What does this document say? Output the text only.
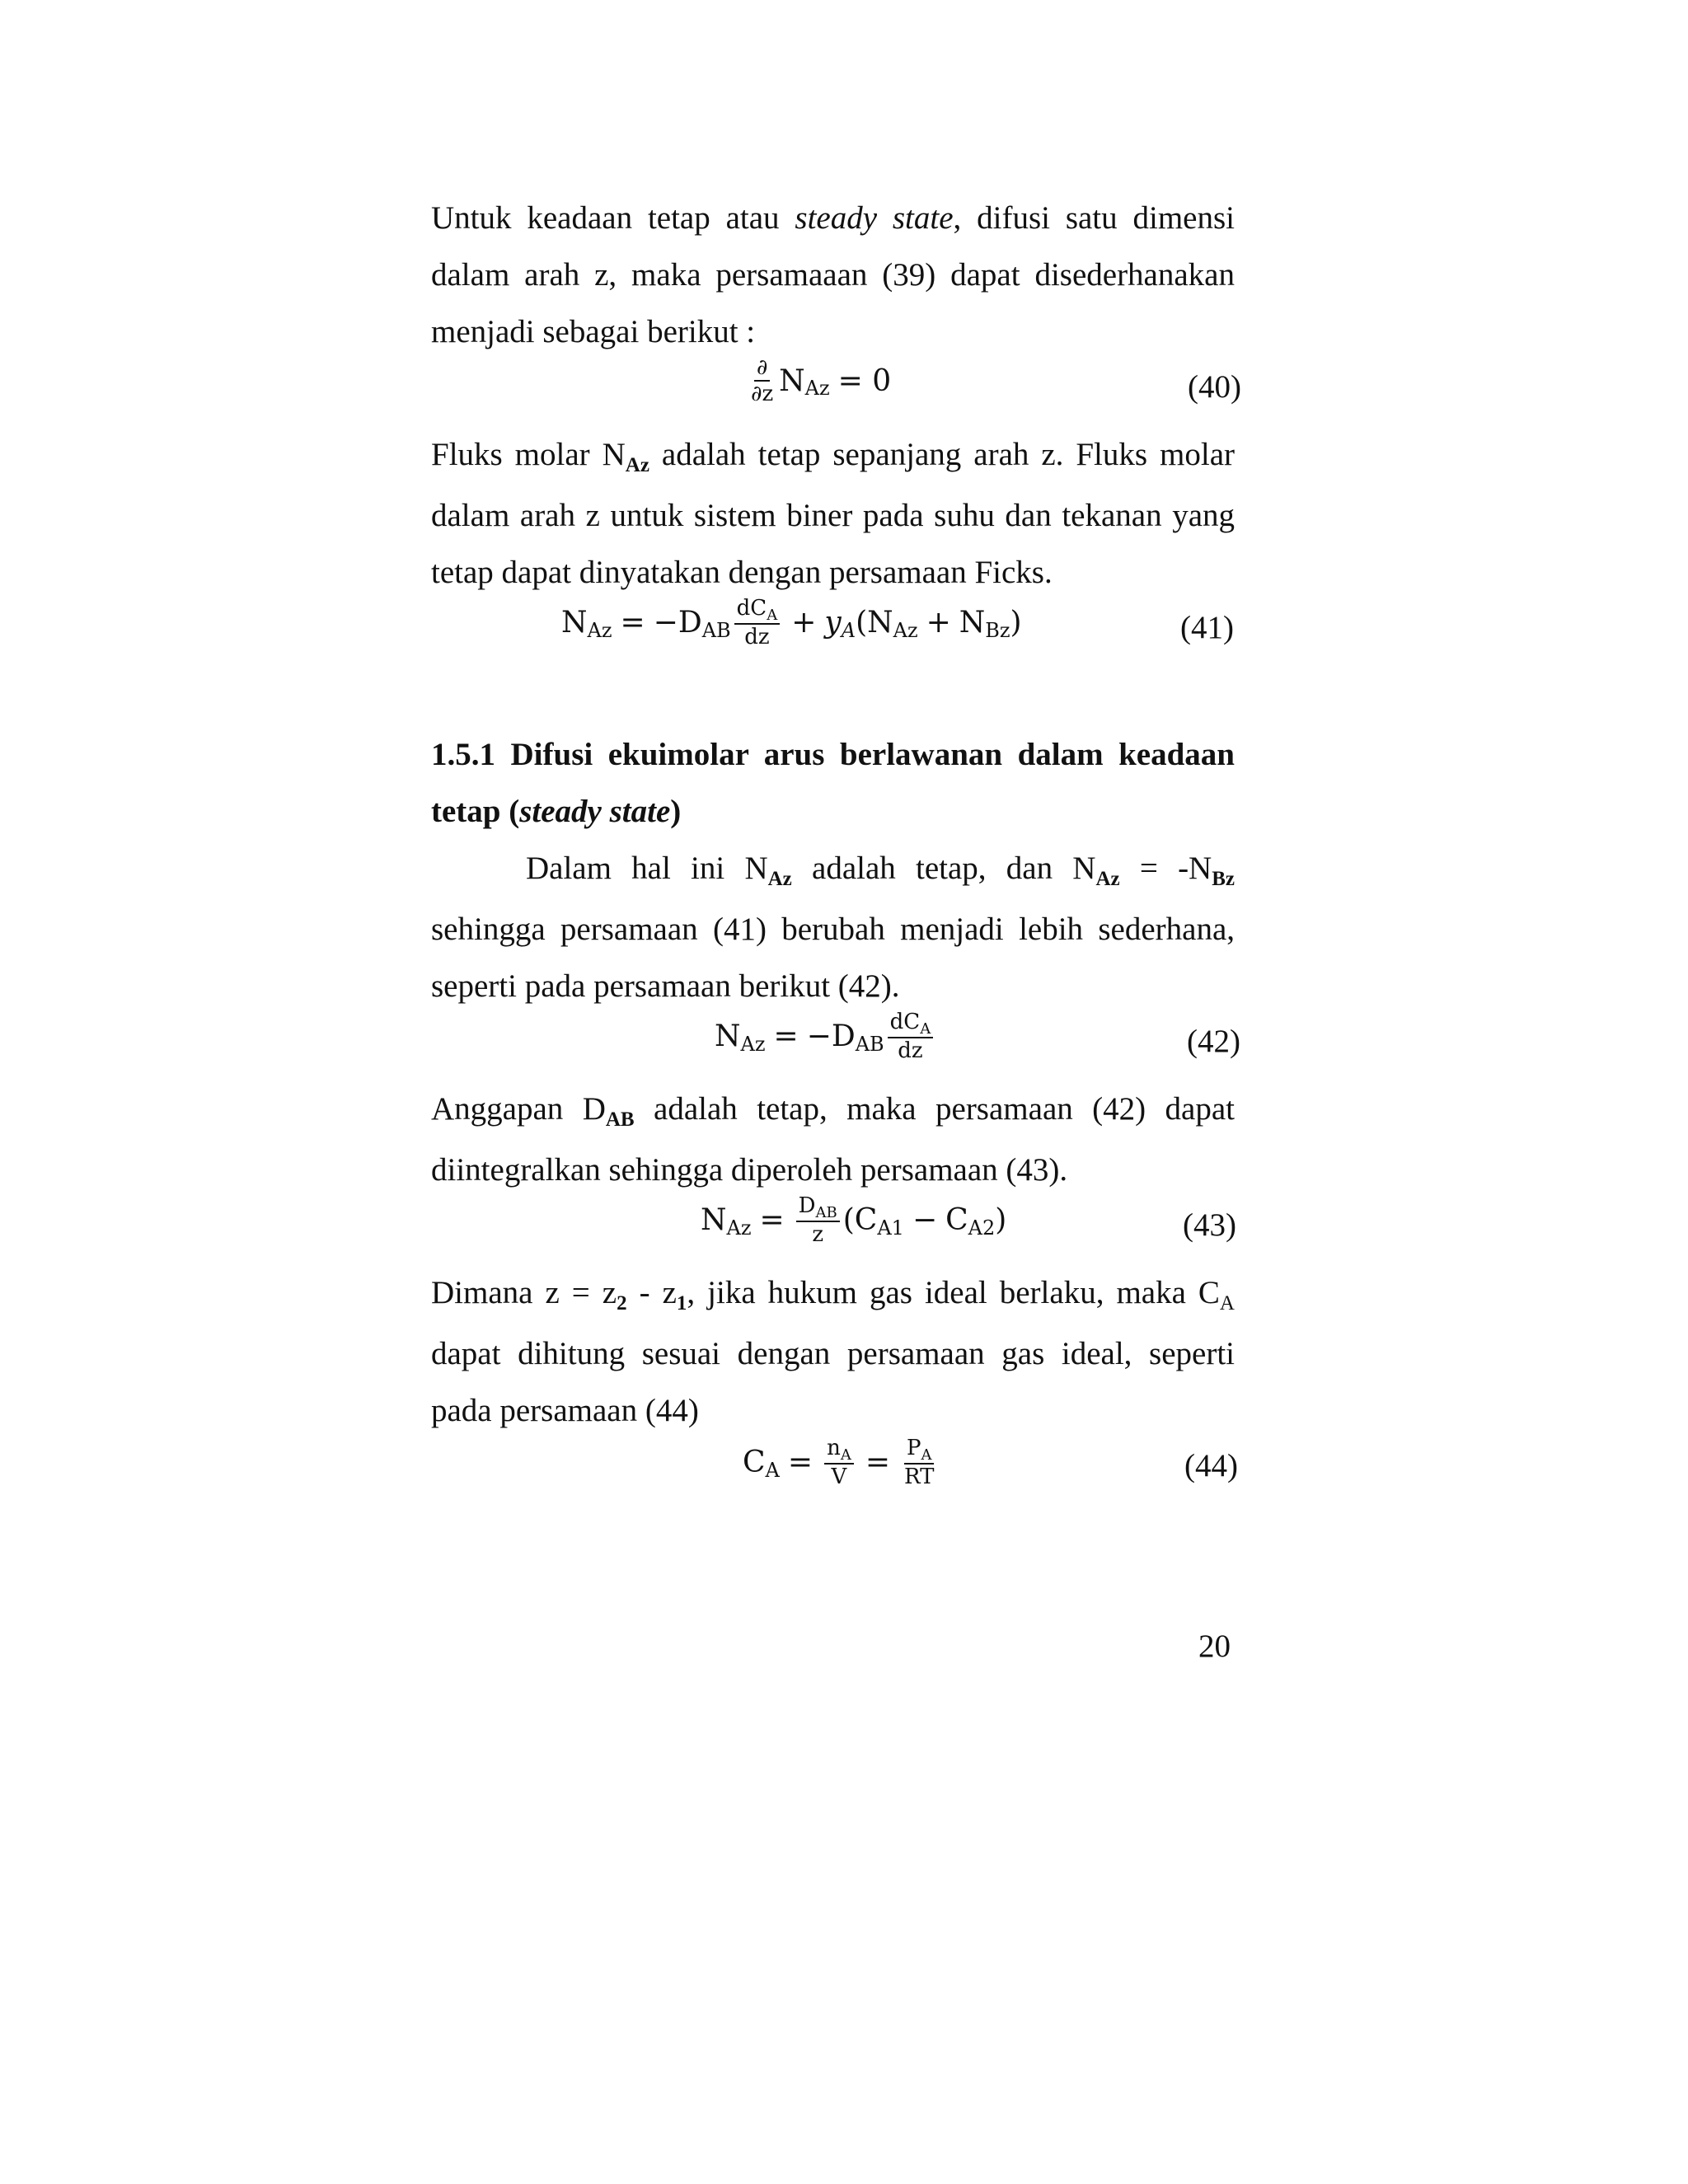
Untuk keadaan tetap atau steady state, difusi satu dimensi dalam arah z, maka persamaaan (39) dapat disederhanakan menjadi sebagai berikut :

$\frac{\partial}{\partial z}$ N Az = 0	(40)

Fluks molar $N_{Az}$ adalah tetap sepanjang arah z. Fluks molar dalam arah z untuk sistem biner pada suhu dan tekanan yang tetap dapat dinyatakan dengan persamaan Ficks.

N Az = −D AB $\frac{dC_A}{dz} + y$ A (N Az + N Bz )	(41)

1.5.1 Difusi ekuimolar arus berlawanan dalam keadaan tetap (steady state)

Dalam hal ini $N_{Az}$ adalah tetap, dan $N_{Az} = -N_{Bz}$ sehingga persamaan (41) berubah menjadi lebih sederhana, seperti pada persamaan berikut (42).

N Az = −D AB $\frac{dC_A}{dz}$	(42)

Anggapan $D_{AB}$ adalah tetap, maka persamaan (42) dapat diintegralkan sehingga diperoleh persamaan (43).

N $Az = \frac{D_{AB}}{z} (C$ A1 − C A2 )	(43)

Dimana $z = z_2 - z_1$, jika hukum gas ideal berlaku, maka $C_A$ dapat dihitung sesuai dengan persamaan gas ideal, seperti pada persamaan (44)

C $A = \frac{n_A}{V} = \frac{P_A}{RT}$	(44)
20
